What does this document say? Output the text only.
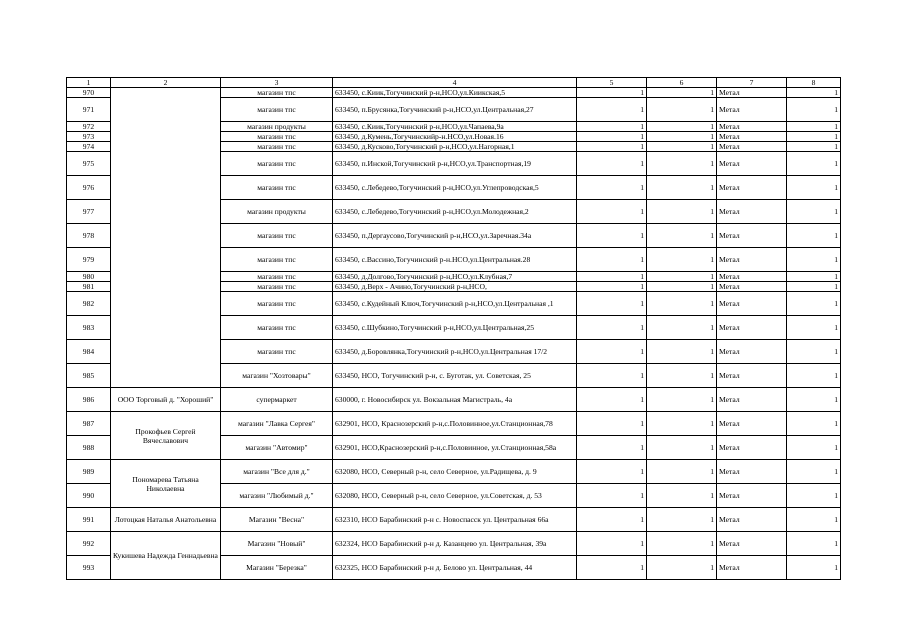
1	2	3	4	5	6	7	8
970		магазин тпс	633450, с.Киик,Тогучинский р-н,НСО,ул.Киикская,5	1	1	Метал	1
971		магазин тпс	633450, п.Брусянка,Тогучинский р-н,НСО,ул.Центральная,27	1	1	Метал	1
972		магазин продукты	633450, с.Киик,Тогучинский р-н,НСО,ул.Чапаева,9а	1	1	Метал	1
973		магазин тпс	633450, д.Кумень,Тогучинскийр-н.НСО,ул.Новая.16	1	1	Метал	1
974		магазин тпс	633450, д.Кусково,Тогучинский р-н,НСО,ул.Нагорная,1	1	1	Метал	1
975		магазин тпс	633450, п.Инской,Тогучинский р-н,НСО,ул.Транспортная,19	1	1	Метал	1
976		магазин тпс	633450, с.Лебедево,Тогучинский р-н,НСО,ул.Углепроводская,5	1	1	Метал	1
977		магазин продукты	633450, с.Лебедево,Тогучинский р-н,НСО,ул.Молодежная,2	1	1	Метал	1
978		магазин тпс	633450, п.Дергаусово,Тогучинский р-н,НСО,ул.Заречная.34а	1	1	Метал	1
979		магазин тпс	633450, с.Вассино,Тогучинский р-н.НСО,ул.Центральная.28	1	1	Метал	1
980		магазин тпс	633450, д.Долгово,Тогучинский р-н,НСО,ул.Клубная,7	1	1	Метал	1
981		магазин тпс	633450, д.Верх - Ачино,Тогучинский р-н,НСО,	1	1	Метал	1
982		магазин тпс	633450, с.Кудейный Ключ,Тогучинский р-н,НСО,ул.Центральная ,1	1	1	Метал	1
983		магазин тпс	633450, с.Шубкино,Тогучинский р-н,НСО,ул.Центральная,25	1	1	Метал	1
984		магазин тпс	633450, д.Боровлянка,Тогучинский р-н,НСО,ул.Центральная 17/2	1	1	Метал	1
985		магазин "Хозтовары"	633450, НСО, Тогучинский р-н, с. Буготак, ул. Советская, 25	1	1	Метал	1
986	ООО Торговый д. "Хороший"	супермаркет	630000, г. Новосибирск ул. Вокзальная Магистраль, 4а	1	1	Метал	1
987	Прокофьев Сергей Вячеславович	магазин "Лавка Сергея"	632901, НСО, Краснозерский р-н,с.Половинное,ул.Станционная,78	1	1	Метал	1
988		магазин "Автомир"	632901, НСО,Краснозерский р-н,с.Половинное, ул.Станционная,58а	1	1	Метал	1
989	Пономарева Татьяна Николаевна	магазин "Все для д."	632080, НСО, Северный р-н, село Северное, ул.Радищева, д. 9	1	1	Метал	1
990		магазин "Любимый д."	632080, НСО, Северный р-н, село Северное, ул.Советская, д. 53	1	1	Метал	1
991	Лотоцкая Наталья Анатольевна	Магазин "Весна"	632310, НСО Барабинский р-н с. Новоспасск ул. Центральная 66а	1	1	Метал	1
992	Кукишева Надежда Геннадьевна	Магазин "Новый"	632324, НСО Барабинский р-н д. Казанцево ул. Центральная, 39а	1	1	Метал	1
993		Магазин "Березка"	632325, НСО Барабинский р-н д. Белово ул. Центральная, 44	1	1	Метал	1
